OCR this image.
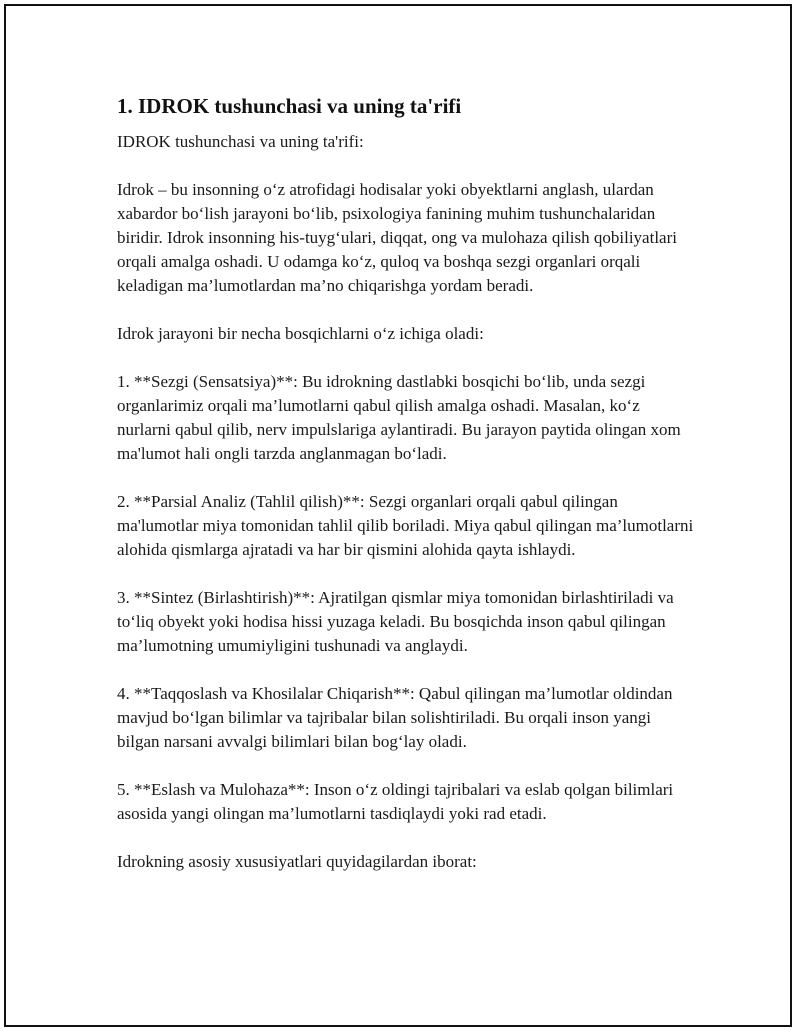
1. IDROK tushunchasi va uning ta'rifi

IDROK tushunchasi va uning ta'rifi:

Idrok – bu insonning o‘z atrofidagi hodisalar yoki obyektlarni anglash, ulardan xabardor bo‘lish jarayoni bo‘lib, psixologiya fanining muhim tushunchalaridan biridir. Idrok insonning his-tuyg‘ulari, diqqat, ong va mulohaza qilish qobiliyatlari orqali amalga oshadi. U odamga ko‘z, quloq va boshqa sezgi organlari orqali keladigan ma’lumotlardan ma’no chiqarishga yordam beradi.

Idrok jarayoni bir necha bosqichlarni o‘z ichiga oladi:

1. **Sezgi (Sensatsiya)**: Bu idrokning dastlabki bosqichi bo‘lib, unda sezgi organlarimiz orqali ma’lumotlarni qabul qilish amalga oshadi. Masalan, ko‘z nurlarni qabul qilib, nerv impulslariga aylantiradi. Bu jarayon paytida olingan xom ma'lumot hali ongli tarzda anglanmagan bo‘ladi.

2. **Parsial Analiz (Tahlil qilish)**: Sezgi organlari orqali qabul qilingan ma'lumotlar miya tomonidan tahlil qilib boriladi. Miya qabul qilingan ma’lumotlarni alohida qismlarga ajratadi va har bir qismini alohida qayta ishlaydi.

3. **Sintez (Birlashtirish)**: Ajratilgan qismlar miya tomonidan birlashtiriladi va to‘liq obyekt yoki hodisa hissi yuzaga keladi. Bu bosqichda inson qabul qilingan ma’lumotning umumiyligini tushunadi va anglaydi.

4. **Taqqoslash va Khosilalar Chiqarish**: Qabul qilingan ma’lumotlar oldindan mavjud bo‘lgan bilimlar va tajribalar bilan solishtiriladi. Bu orqali inson yangi bilgan narsani avvalgi bilimlari bilan bog‘lay oladi.

5. **Eslash va Mulohaza**: Inson o‘z oldingi tajribalari va eslab qolgan bilimlari asosida yangi olingan ma’lumotlarni tasdiqlaydi yoki rad etadi.

Idrokning asosiy xususiyatlari quyidagilardan iborat:
